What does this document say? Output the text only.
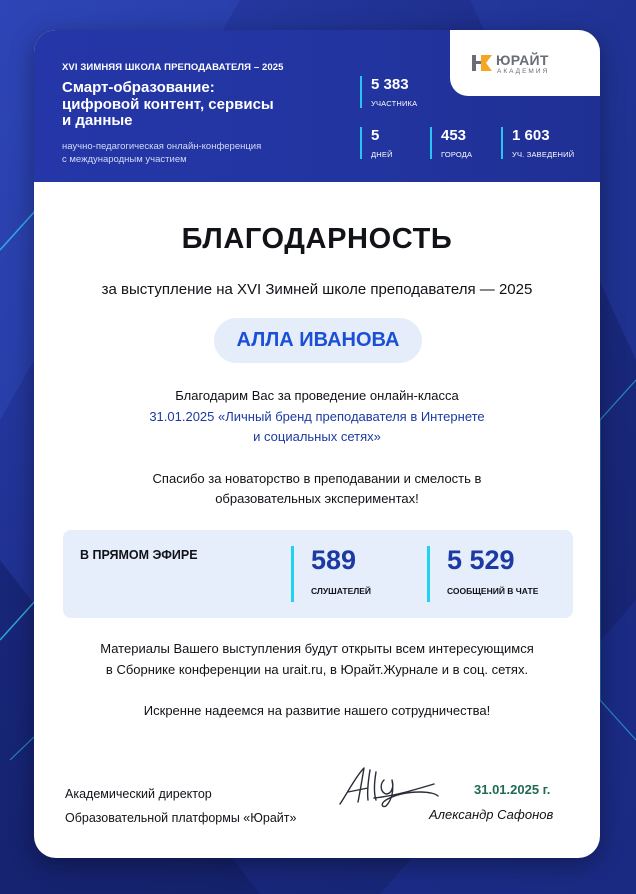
XVI ЗИМНЯЯ ШКОЛА ПРЕПОДАВАТЕЛЯ – 2025
Смарт-образование:
цифровой контент, сервисы
и данные
научно-педагогическая онлайн-конференция
с международным участием
5 383
УЧАСТНИКА
5
ДНЕЙ
453
ГОРОДА
1 603
УЧ. ЗАВЕДЕНИЙ
ЮРАЙТ
АКАДЕМИЯ
БЛАГОДАРНОСТЬ
за выступление на XVI Зимней школе преподавателя — 2025
АЛЛА ИВАНОВА
Благодарим Вас за проведение онлайн-класса
31.01.2025 «Личный бренд преподавателя в Интернете
и социальных сетях»
Спасибо за новаторство в преподавании и смелость в
образовательных экспериментах!
В ПРЯМОМ ЭФИРЕ	589
СЛУШАТЕЛЕЙ
5 529
СООБЩЕНИЙ В ЧАТЕ
Материалы Вашего выступления будут открыты всем интересующимся
в Сборнике конференции на urait.ru, в Юрайт.Журнале и в соц. сетях.
Искренне надеемся на развитие нашего сотрудничества!
Академический директор
Образовательной платформы «Юрайт»
31.01.2025 г.
Александр Сафонов
